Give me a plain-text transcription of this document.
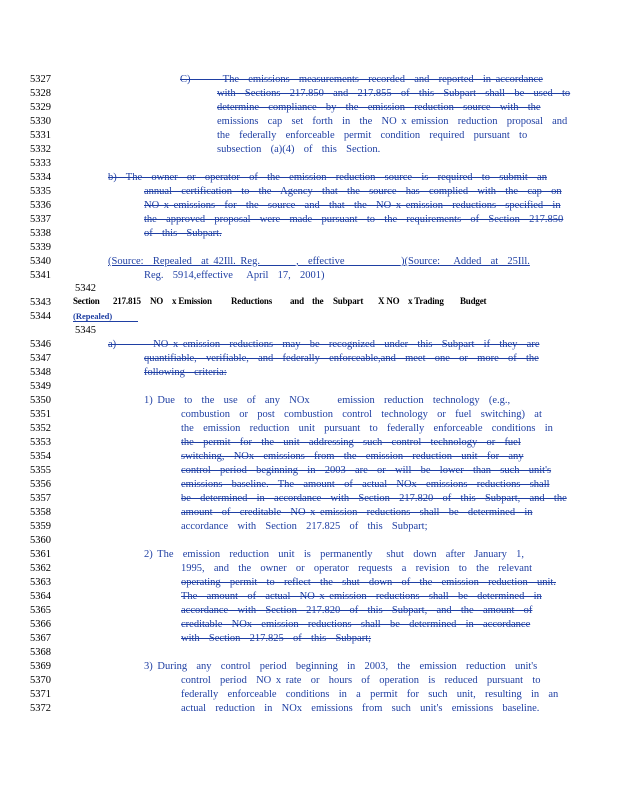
5327
5328
5329
5330
5331
5332
5333
5334
5335
5336
5337
5338
5339
5340
5341
5342
5343
5344
5345
5346
5347
5348
5349
5350
5351
5352
5353
5354
5355
5356
5357
5358
5359
5360
5361
5362
5363
5364
5365
5366
5367
5368
5369
5370
5371
5372
C)       The  emissions  measurements  recorded  and  reported  in accordance
with  Sections  217.850  and  217.855  of  this  Subpart  shall  be  used  to
determine  compliance  by  the  emission  reduction  source  with  the
emissions  cap  set  forth  in  the  NO x emission  reduction  proposal  and
the  federally  enforceable  permit  condition  required  pursuant  to
subsection  (a)(4)  of  this  Section.
b)  The  owner  or  operator  of  the  emission  reduction  source  is  required  to  submit  an
annual  certification  to  the  Agency  that  the  source  has  complied  with  the  cap  on
NO x emissions  for  the  source  and  that  the  NO x emission  reductions  specified  in
the  approved  proposal  were  made  pursuant  to  the  requirements  of  Section  217.850
of  this  Subpart.
(Source:  Repealed  at 42Ill. Reg. ______,  effective  _________)(Source:   Added  at  25Ill.
Reg.  5914,effective   April  17,  2001)
Section 217.815 NO x Emission Reductions and the Subpart X NO x Trading Budget
(Repealed)
a)        NO x emission  reductions  may  be  recognized  under  this  Subpart  if  they  are
quantifiable,  verifiable,  and  federally  enforceable,and  meet  one  or  more  of  the
following  criteria:
1) Due  to  the  use  of  any  NOx      emission  reduction  technology  (e.g.,
combustion  or  post  combustion  control  technology  or  fuel  switching)  at
the  emission  reduction  unit  pursuant  to  federally  enforceable  conditions  in
the  permit  for  the  unit  addressing  such  control  technology  or  fuel
switching,  NOx  emissions  from  the  emission  reduction  unit  for  any
control  period  beginning  in  2003  are  or  will  be  lower  than  such  unit's
emissions  baseline.  The  amount  of  actual  NOx  emissions  reductions  shall
be  determined  in  accordance  with  Section  217.820  of  this  Subpart,  and  the
amount  of  creditable  NO x emission  reductions  shall  be  determined  in
accordance  with  Section  217.825  of  this  Subpart;
2) The  emission  reduction  unit  is  permanently   shut  down  after  January  1,
1995,  and  the  owner  or  operator  requests  a  revision  to  the  relevant
operating  permit  to  reflect  the  shut  down  of  the  emission  reduction  unit.
The  amount  of  actual  NO x emission  reductions  shall  be  determined  in
accordance  with  Section  217.820  of  this  Subpart,  and  the  amount  of
creditable  NOx  emission  reductions  shall  be  determined  in  accordance
with  Section  217.825  of  this  Subpart;
3) During  any  control  period  beginning  in  2003,  the  emission  reduction  unit's
control  period  NO x rate  or  hours  of  operation  is  reduced  pursuant  to
federally  enforceable  conditions  in  a  permit  for  such  unit,  resulting  in  an
actual  reduction  in  NOx  emissions  from  such  unit's  emissions  baseline.
